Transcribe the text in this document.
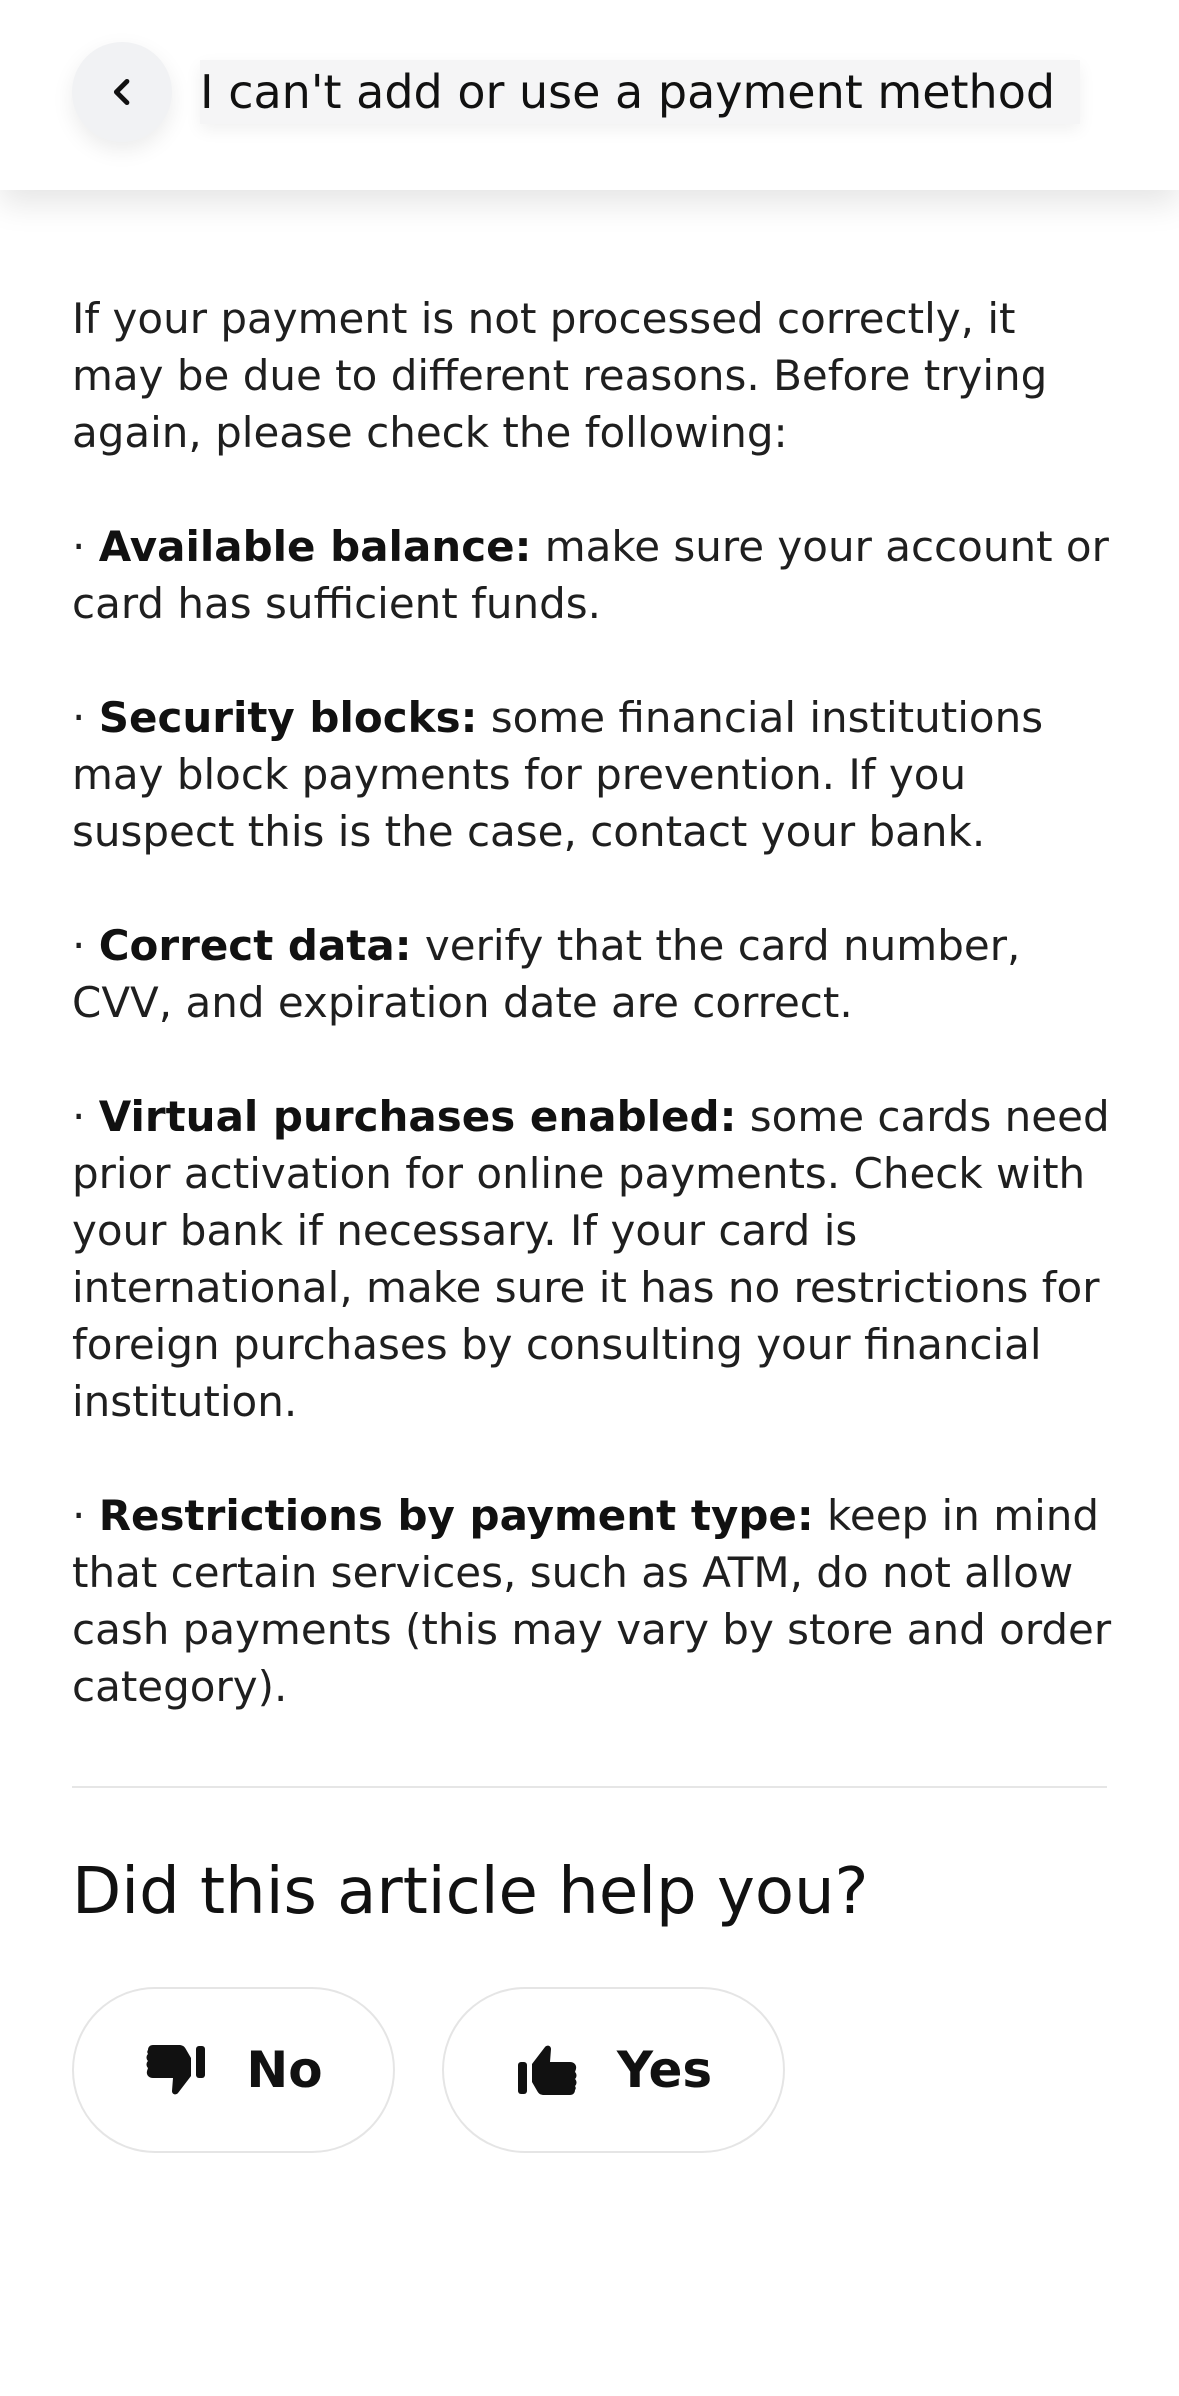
I can't add or use a payment method

If your payment is not processed correctly, it may be due to different reasons. Before trying again, please check the following:

· Available balance: make sure your account or card has sufficient funds.

· Security blocks: some financial institutions may block payments for prevention. If you suspect this is the case, contact your bank.

· Correct data: verify that the card number, CVV, and expiration date are correct.

· Virtual purchases enabled: some cards need prior activation for online payments. Check with your bank if necessary. If your card is international, make sure it has no restrictions for foreign purchases by consulting your financial institution.

· Restrictions by payment type: keep in mind that certain services, such as ATM, do not allow cash payments (this may vary by store and order category).

Did this article help you?
No	Yes
